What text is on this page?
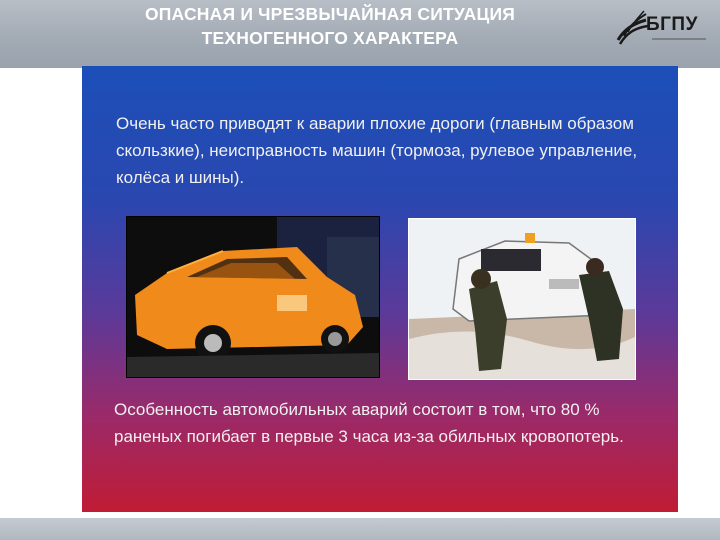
ОПАСНАЯ И ЧРЕЗВЫЧАЙНАЯ СИТУАЦИЯ
ТЕХНОГЕННОГО ХАРАКТЕРА
БГПУ
Очень часто приводят к аварии плохие дороги (главным образом скользкие), неисправность машин (тормоза, рулевое управление, колёса и шины).
Особенность автомобильных аварий состоит в том, что 80 % раненых погибает в первые 3 часа из-за обильных кровопотерь.
